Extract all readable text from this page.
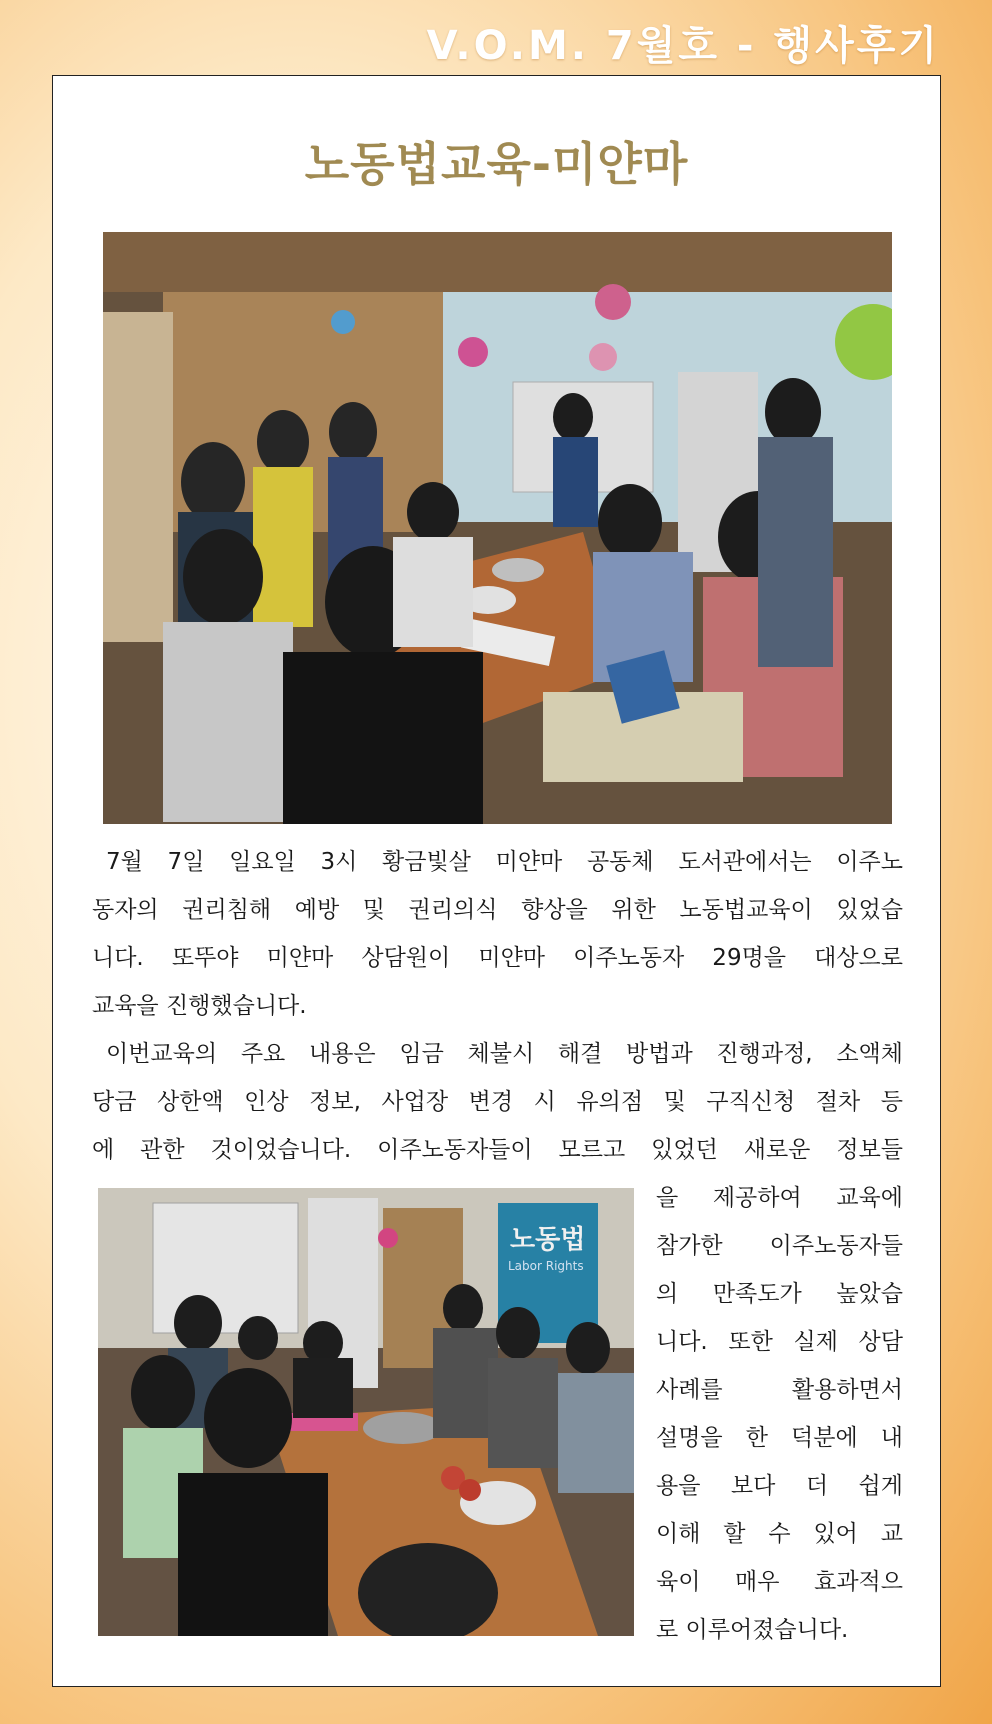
V.O.M. 7월호 - 행사후기
노동법교육-미얀마
7월 7일 일요일 3시 황금빛살 미얀마 공동체 도서관에서는 이주노
동자의 권리침해 예방 및 권리의식 향상을 위한 노동법교육이 있었습
니다. 또뚜야 미얀마 상담원이 미얀마 이주노동자 29명을 대상으로
교육을 진행했습니다.
이번교육의 주요 내용은 임금 체불시 해결 방법과 진행과정, 소액체
당금 상한액 인상 정보, 사업장 변경 시 유의점 및 구직신청 절차 등
에 관한 것이었습니다. 이주노동자들이 모르고 있었던 새로운 정보들
노동법
Labor Rights
을 제공하여 교육에
참가한 이주노동자들
의 만족도가 높았습
니다. 또한 실제 상담
사례를 활용하면서
설명을 한 덕분에 내
용을 보다 더 쉽게
이해 할 수 있어 교
육이 매우 효과적으
로 이루어졌습니다.
